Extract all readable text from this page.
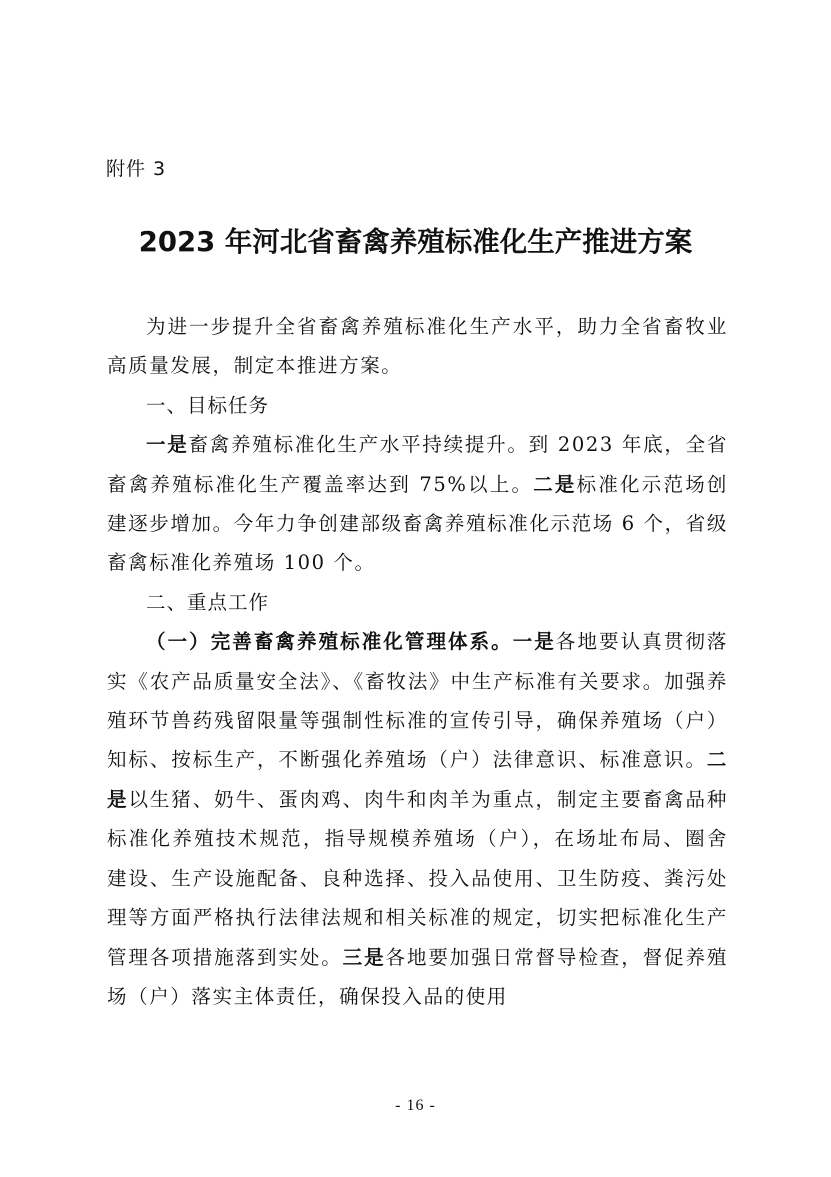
附件 3
2023 年河北省畜禽养殖标准化生产推进方案

为进一步提升全省畜禽养殖标准化生产水平，助力全省畜牧业高质量发展，制定本推进方案。

一、目标任务

一是畜禽养殖标准化生产水平持续提升。到 2023 年底，全省畜禽养殖标准化生产覆盖率达到 75%以上。二是标准化示范场创建逐步增加。今年力争创建部级畜禽养殖标准化示范场 6 个，省级畜禽标准化养殖场 100 个。

二、重点工作

（一）完善畜禽养殖标准化管理体系。一是各地要认真贯彻落实《农产品质量安全法》、《畜牧法》中生产标准有关要求。加强养殖环节兽药残留限量等强制性标准的宣传引导，确保养殖场（户）知标、按标生产，不断强化养殖场（户）法律意识、标准意识。二是以生猪、奶牛、蛋肉鸡、肉牛和肉羊为重点，制定主要畜禽品种标准化养殖技术规范，指导规模养殖场（户），在场址布局、圈舍建设、生产设施配备、良种选择、投入品使用、卫生防疫、粪污处理等方面严格执行法律法规和相关标准的规定，切实把标准化生产管理各项措施落到实处。三是各地要加强日常督导检查，督促养殖场（户）落实主体责任，确保投入品的使用

- 16 -
